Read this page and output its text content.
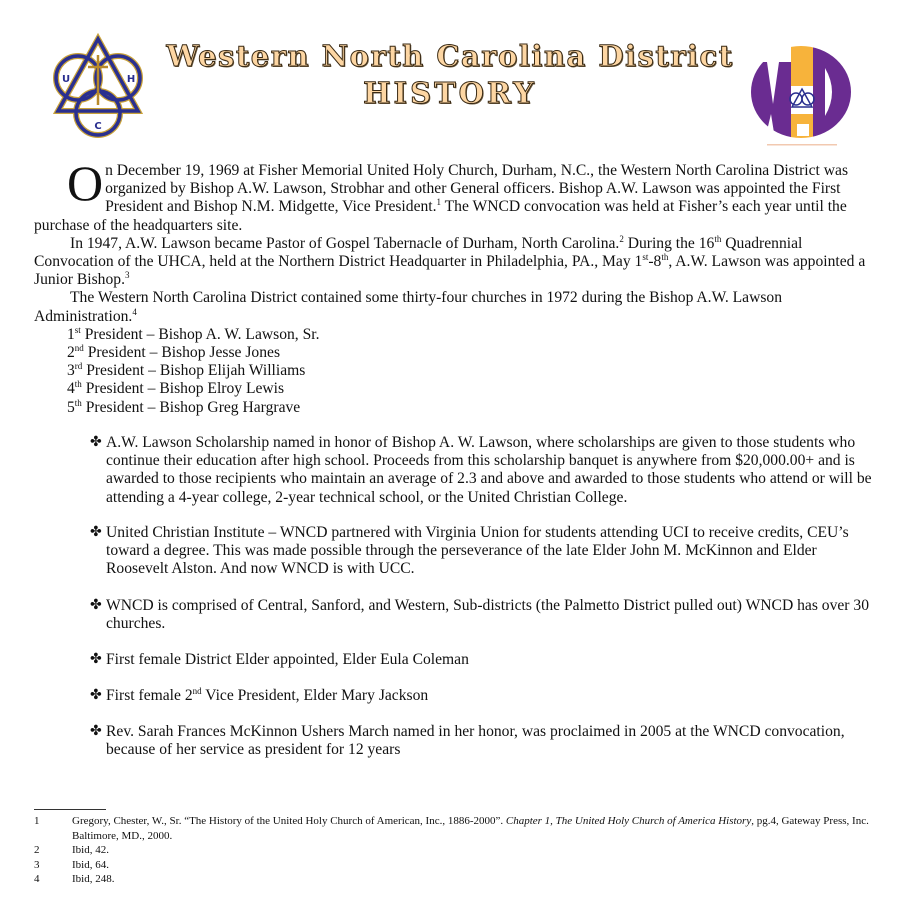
U	H
C
Western North Carolina District
HISTORY

On December 19, 1969 at Fisher Memorial United Holy Church, Durham, N.C., the Western North Carolina District was organized by Bishop A.W. Lawson, Strobhar and other General officers. Bishop A.W. Lawson was appointed the First President and Bishop N.M. Midgette, Vice President.$^1$ The WNCD convocation was held at Fisher’s each year until the purchase of the headquarters site.

In 1947, A.W. Lawson became Pastor of Gospel Tabernacle of Durham, North Carolina.$^2$ During the 16th Quadrennial Convocation of the UHCA, held at the Northern District Headquarter in Philadelphia, PA., May 1st-8th, A.W. Lawson was appointed a Junior Bishop.$^3$

The Western North Carolina District contained some thirty-four churches in 1972 during the Bishop A.W. Lawson Administration.$^4$

1st President – Bishop A. W. Lawson, Sr.
2nd President – Bishop Jesse Jones
3rd President – Bishop Elijah Williams
4th President – Bishop Elroy Lewis
5th President – Bishop Greg Hargrave

✤ A.W. Lawson Scholarship named in honor of Bishop A. W. Lawson, where scholarships are given to those students who continue their education after high school. Proceeds from this scholarship banquet is anywhere from $20,000.00+ and is awarded to those recipients who maintain an average of 2.3 and above and awarded to those students who attend or will be attending a 4-year college, 2-year technical school, or the United Christian College.

✤ United Christian Institute – WNCD partnered with Virginia Union for students attending UCI to receive credits, CEU’s toward a degree. This was made possible through the perseverance of the late Elder John M. McKinnon and Elder Roosevelt Alston. And now WNCD is with UCC.

✤ WNCD is comprised of Central, Sanford, and Western, Sub-districts (the Palmetto District pulled out) WNCD has over 30 churches.

✤ First female District Elder appointed, Elder Eula Coleman

✤ First female 2nd Vice President, Elder Mary Jackson

✤ Rev. Sarah Frances McKinnon Ushers March named in her honor, was proclaimed in 2005 at the WNCD convocation, because of her service as president for 12 years

1	Gregory, Chester, W., Sr. “The History of the United Holy Church of American, Inc., 1886-2000”. Chapter 1, The United Holy Church of America History, pg.4, Gateway Press, Inc. Baltimore, MD., 2000.
2	Ibid, 42.
3	Ibid, 64.
4	Ibid, 248.
